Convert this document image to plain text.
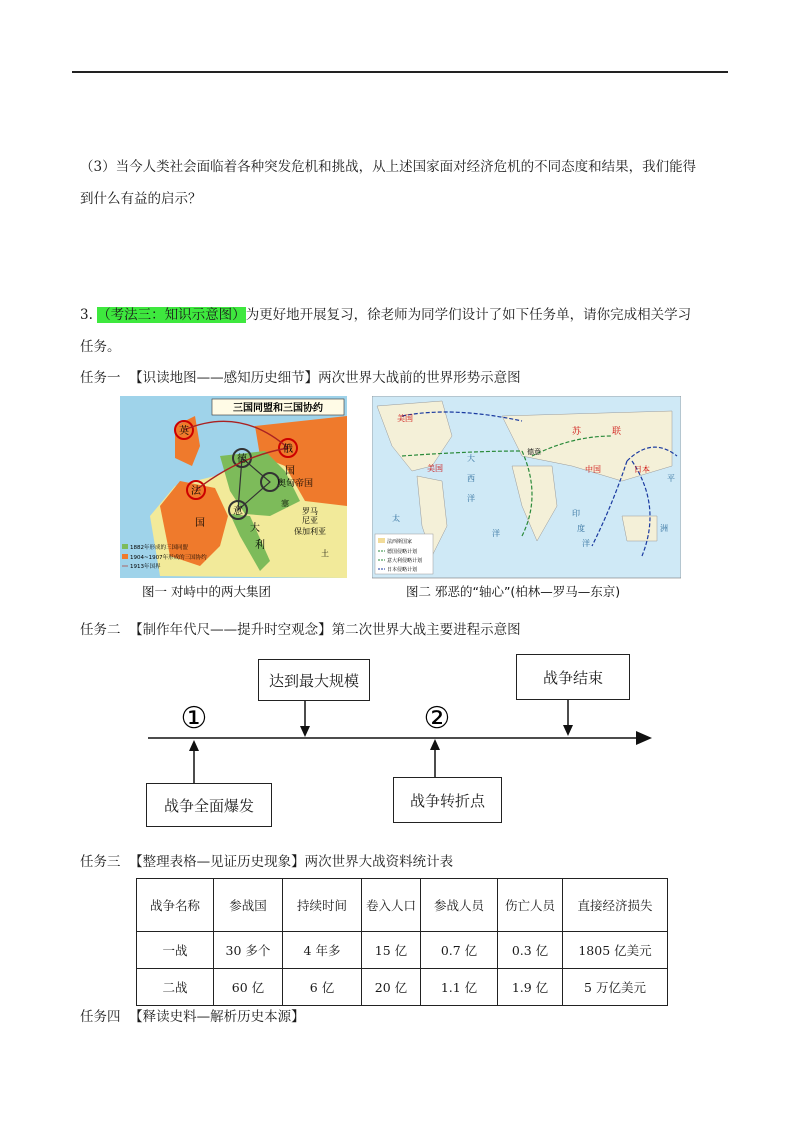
（3）当今人类社会面临着各种突发危机和挑战，从上述国家面对经济危机的不同态度和结果，我们能得
到什么有益的启示？
3. （考法三：知识示意图）为更好地开展复习，徐老师为同学们设计了如下任务单，请你完成相关学习
任务。
任务一 【识读地图——感知历史细节】两次世界大战前的世界形势示意图
三国同盟和三国协约
英
法
国
俄
国
德
奥匈帝国
意
大
利
罗马
尼亚
保加利亚
土
塞
1882年形成的三国同盟
1904~1907年形成的三国协约
1913年国界
图一 对峙中的两大集团
美国
美国
苏	联
德意
中国	日本
大
西
洋
太
平
洋
印
度
洋
洲
法西斯国家
德国侵略计划
意大利侵略计划
日本侵略计划
图二 邪恶的“轴心”(柏林—罗马—东京)
任务二 【制作年代尺——提升时空观念】第二次世界大战主要进程示意图
①	②
达到最大规模	战争结束
战争全面爆发	战争转折点
任务三 【整理表格—见证历史现象】两次世界大战资料统计表
战争名称	参战国	持续时间	卷入人口	参战人员	伤亡人员	直接经济损失
一战	30 多个	4 年多	15 亿	0.7 亿	0.3 亿	1805 亿美元
二战	60 亿	6 亿	20 亿	1.1 亿	1.9 亿	5 万亿美元
任务四 【释读史料—解析历史本源】
